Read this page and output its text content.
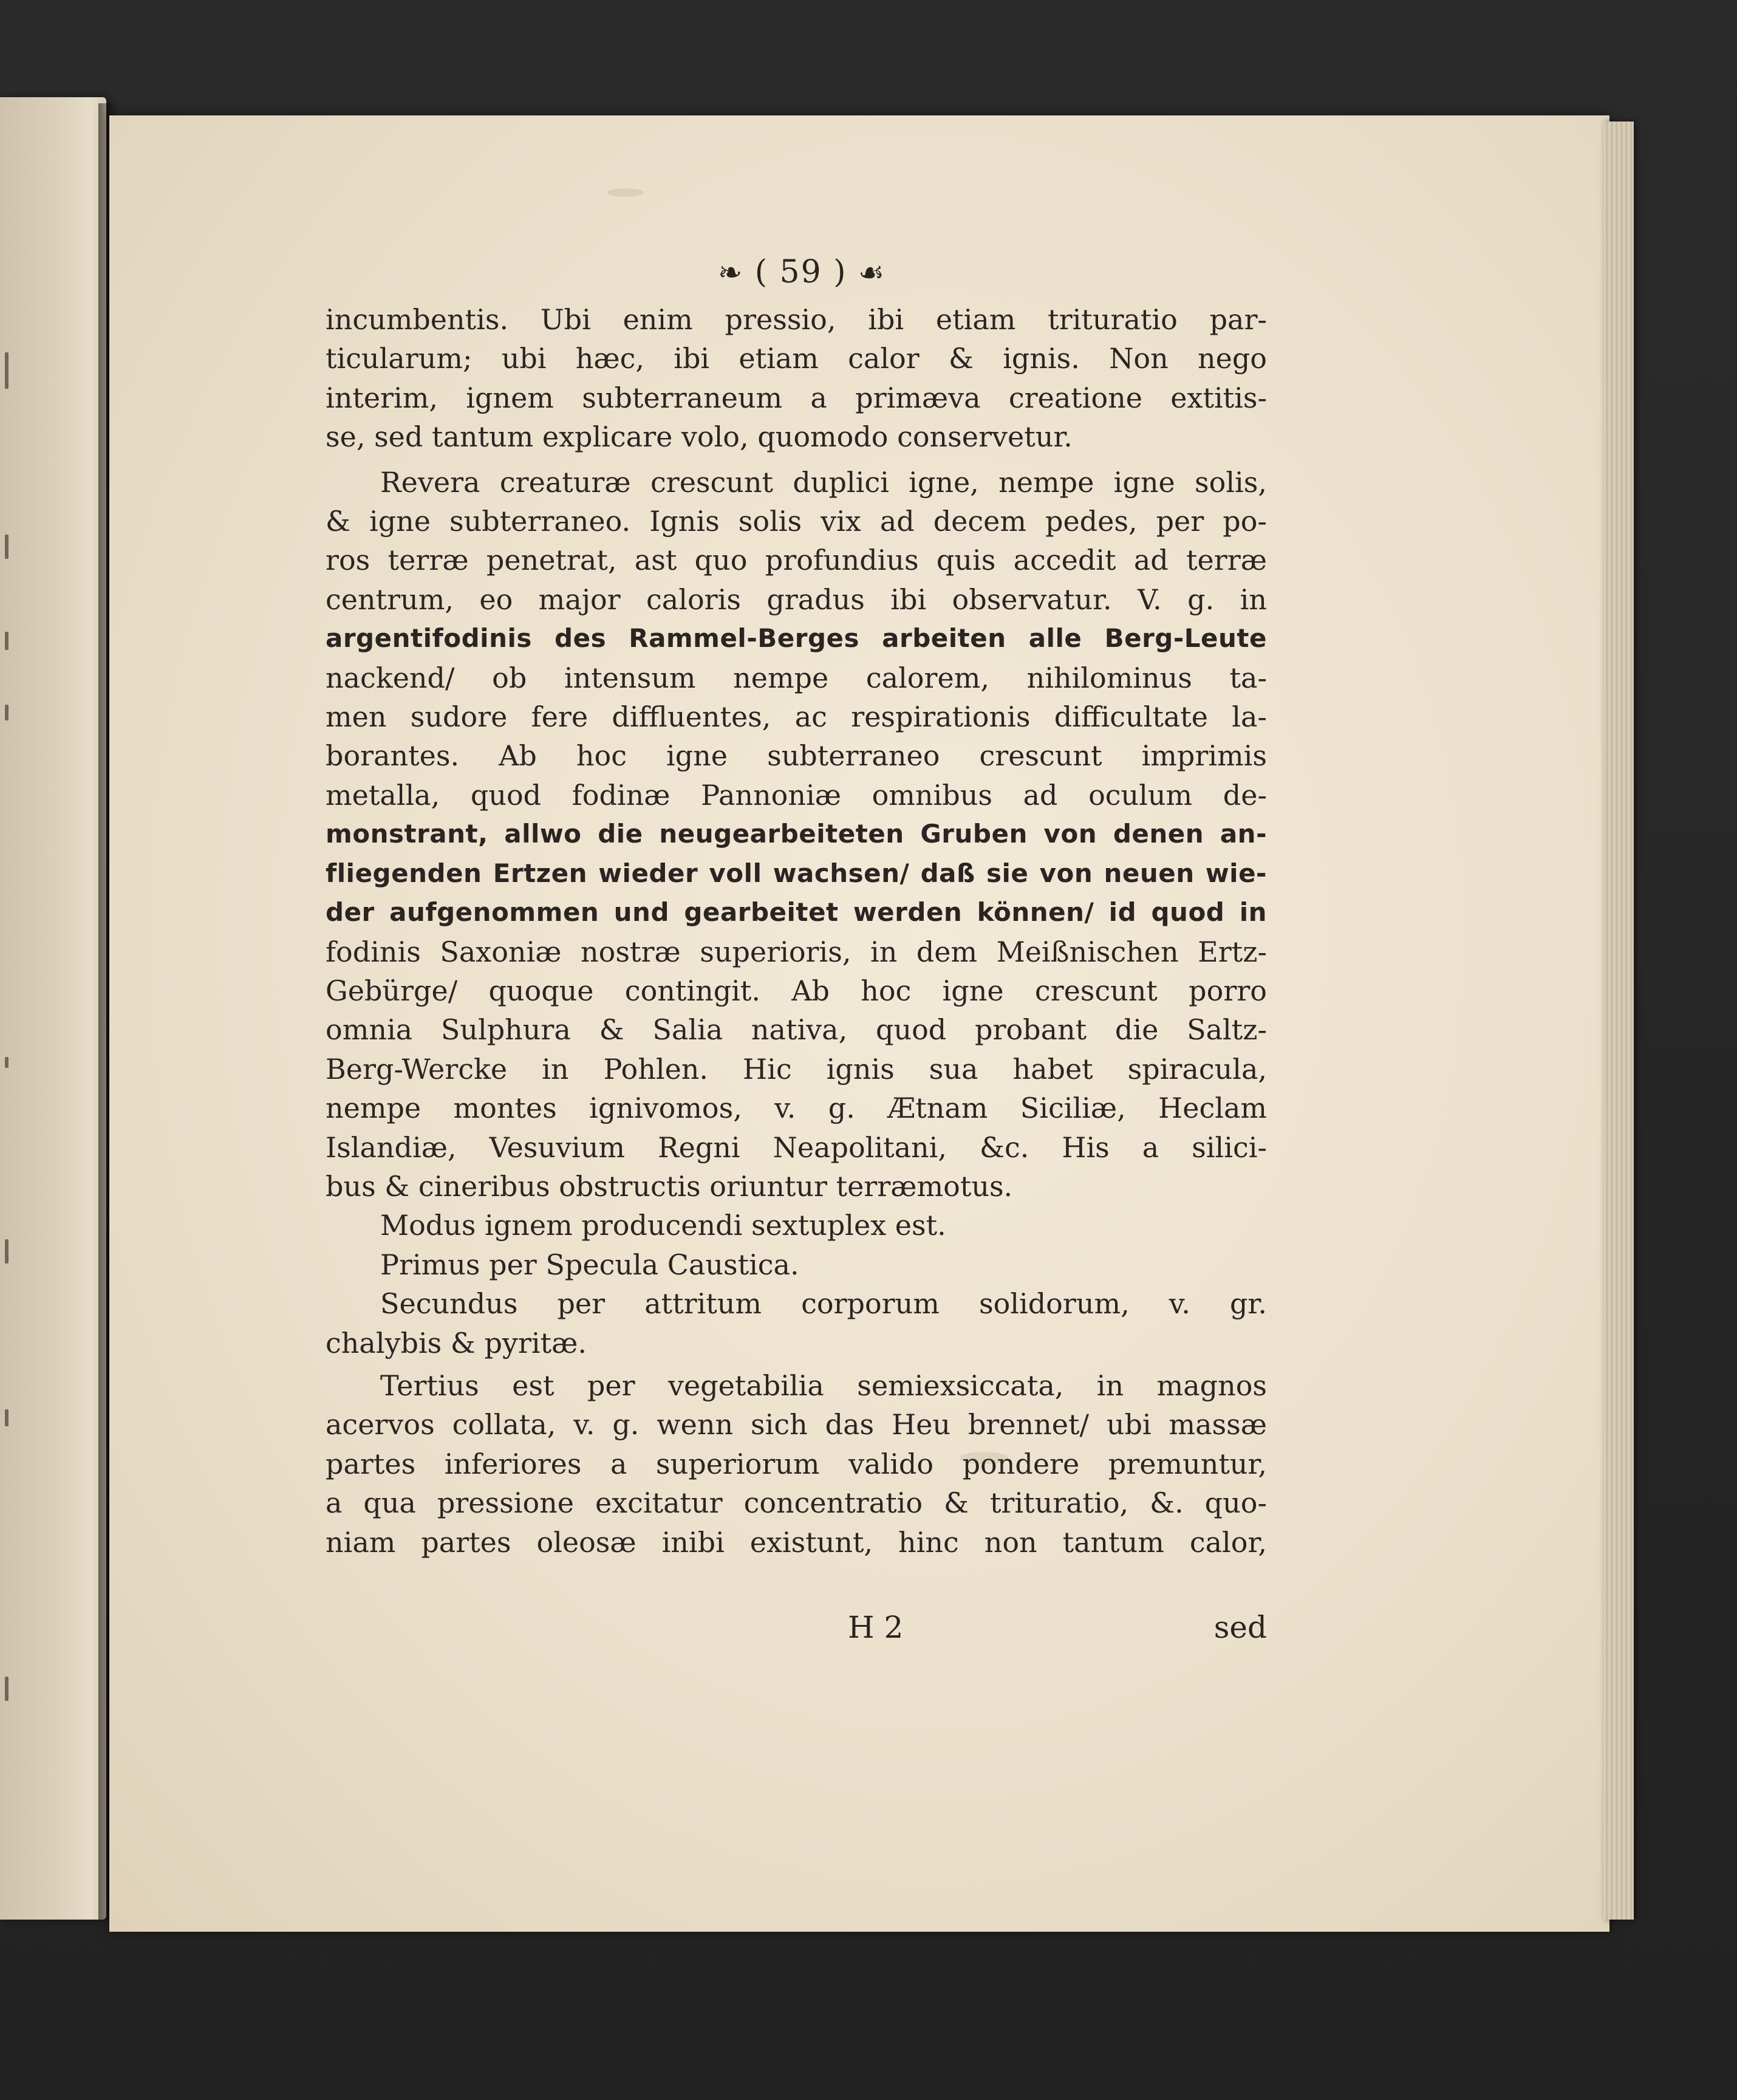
❧ ( 59 ) ☙

incumbentis. Ubi enim pressio, ibi etiam trituratio par-

ticularum; ubi hæc, ibi etiam calor & ignis. Non nego

interim, ignem subterraneum a primæva creatione extitis-

se, sed tantum explicare volo, quomodo conservetur.

Revera creaturæ crescunt duplici igne, nempe igne solis,

& igne subterraneo. Ignis solis vix ad decem pedes, per po-

ros terræ penetrat, ast quo profundius quis accedit ad terræ

centrum, eo major caloris gradus ibi observatur. V. g. in

argentifodinis des Rammel-Berges arbeiten alle Berg-Leute

nackend/ ob intensum nempe calorem, nihilominus ta-

men sudore fere diffluentes, ac respirationis difficultate la-

borantes. Ab hoc igne subterraneo crescunt imprimis

metalla, quod fodinæ Pannoniæ omnibus ad oculum de-

monstrant, allwo die neugearbeiteten Gruben von denen an-

fliegenden Ertzen wieder voll wachsen/ daß sie von neuen wie-

der aufgenommen und gearbeitet werden können/ id quod in

fodinis Saxoniæ nostræ superioris, in dem Meißnischen Ertz-

Gebürge/ quoque contingit. Ab hoc igne crescunt porro

omnia Sulphura & Salia nativa, quod probant die Saltz-

Berg-Wercke in Pohlen. Hic ignis sua habet spiracula,

nempe montes ignivomos, v. g. Ætnam Siciliæ, Heclam

Islandiæ, Vesuvium Regni Neapolitani, &c. His a silici-

bus & cineribus obstructis oriuntur terræmotus.

Modus ignem producendi sextuplex est.

Primus per Specula Caustica.

Secundus per attritum corporum solidorum, v. gr.

chalybis & pyritæ.

Tertius est per vegetabilia semiexsiccata, in magnos

acervos collata, v. g. wenn sich das Heu brennet/ ubi massæ

partes inferiores a superiorum valido pondere premuntur,

a qua pressione excitatur concentratio & trituratio, &. quo-

niam partes oleosæ inibi existunt, hinc non tantum calor,

H 2	sed
